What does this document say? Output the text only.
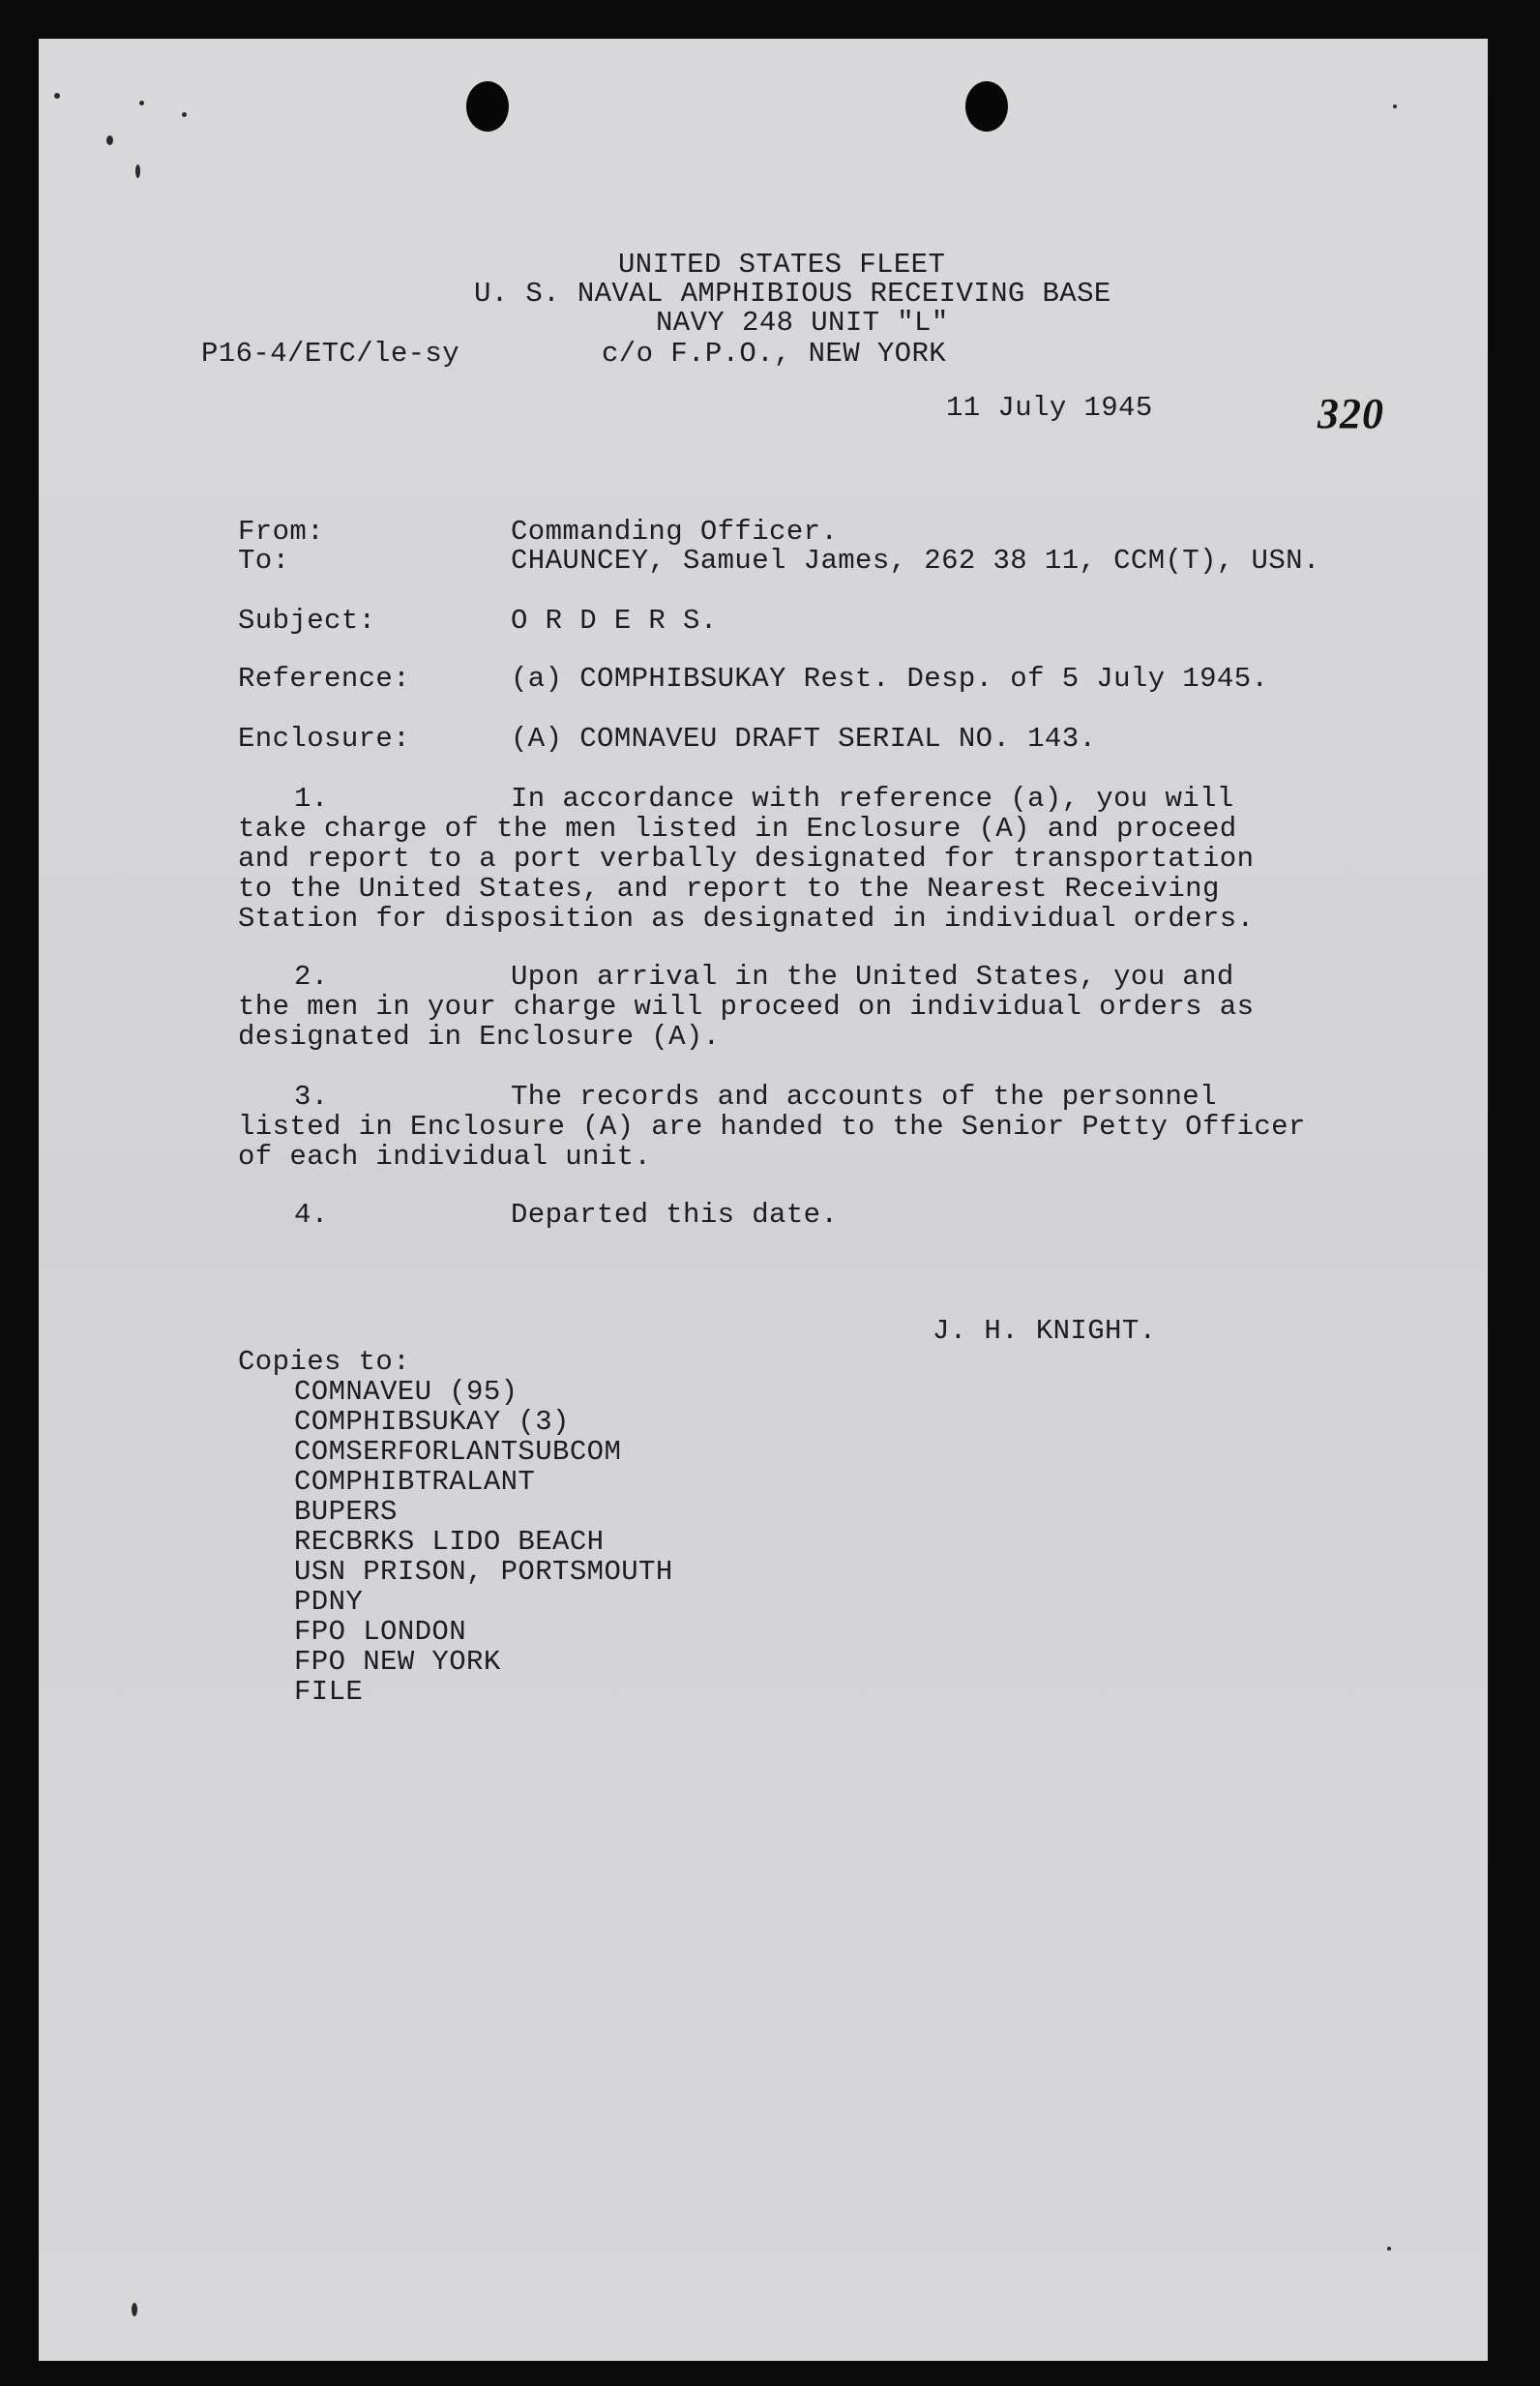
UNITED STATES FLEET
U. S. NAVAL AMPHIBIOUS RECEIVING BASE
NAVY 248 UNIT "L"
P16-4/ETC/le-sy	c/o F.P.O., NEW YORK
11 July 1945	320
From:	Commanding Officer.
To:	CHAUNCEY, Samuel James, 262 38 11, CCM(T), USN.
Subject:	O R D E R S.
Reference:	(a) COMPHIBSUKAY Rest. Desp. of 5 July 1945.
Enclosure:	(A) COMNAVEU DRAFT SERIAL NO. 143.
1.	In accordance with reference (a), you will
take charge of the men listed in Enclosure (A) and proceed
and report to a port verbally designated for transportation
to the United States, and report to the Nearest Receiving
Station for disposition as designated in individual orders.
2.	Upon arrival in the United States, you and
the men in your charge will proceed on individual orders as
designated in Enclosure (A).
3.	The records and accounts of the personnel
listed in Enclosure (A) are handed to the Senior Petty Officer
of each individual unit.
4.	Departed this date.
J. H. KNIGHT.
Copies to:
COMNAVEU (95)
COMPHIBSUKAY (3)
COMSERFORLANTSUBCOM
COMPHIBTRALANT
BUPERS
RECBRKS LIDO BEACH
USN PRISON, PORTSMOUTH
PDNY
FPO LONDON
FPO NEW YORK
FILE
